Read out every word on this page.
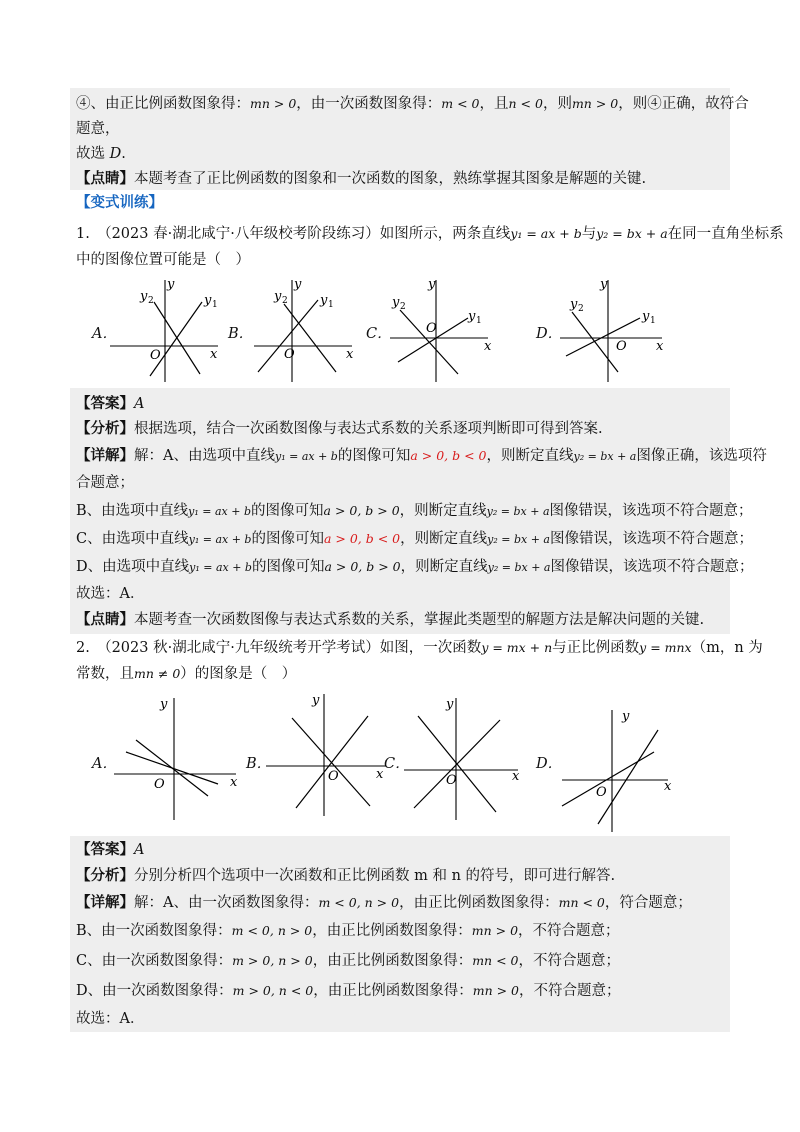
④、由正比例函数图象得：mn > 0，由一次函数图象得：m < 0，且n < 0，则mn > 0，则④正确，故符合
题意，
故选 D.
【点睛】本题考查了正比例函数的图象和一次函数的图象，熟练掌握其图象是解题的关键.
【变式训练】
1.　（2023 春·湖北咸宁·八年级校考阶段练习）如图所示，两条直线y₁ = ax + b与y₂ = bx + a在同一直角坐标系
中的图像位置可能是（　）
A．	B．	C．	D．
y
x
O
y 2	y 1
y
x
O
y 2 y 1
y
x
O
y 2
y 1
y
x
O
y 2	y 1
【答案】A
【分析】根据选项，结合一次函数图像与表达式系数的关系逐项判断即可得到答案.
【详解】解：A、由选项中直线y₁ = ax + b的图像可知a > 0, b < 0，则断定直线y₂ = bx + a图像正确，该选项符
合题意；
B、由选项中直线y₁ = ax + b的图像可知a > 0, b > 0，则断定直线y₂ = bx + a图像错误，该选项不符合题意；
C、由选项中直线y₁ = ax + b的图像可知a > 0, b < 0，则断定直线y₂ = bx + a图像错误，该选项不符合题意；
D、由选项中直线y₁ = ax + b的图像可知a > 0, b > 0，则断定直线y₂ = bx + a图像错误，该选项不符合题意；
故选：A．
【点睛】本题考查一次函数图像与表达式系数的关系，掌握此类题型的解题方法是解决问题的关键.
2.　（2023 秋·湖北咸宁·九年级统考开学考试）如图，一次函数y = mx + n与正比例函数y = mnx（m，n 为
常数，且mn ≠ 0）的图象是（　）
A．	B．	C．	D．
y
x
O
y
x
O
y
x
O
y
x
O
【答案】A
【分析】分别分析四个选项中一次函数和正比例函数 m 和 n 的符号，即可进行解答.
【详解】解：A、由一次函数图象得：m < 0, n > 0，由正比例函数图象得：mn < 0，符合题意；
B、由一次函数图象得：m < 0, n > 0，由正比例函数图象得：mn > 0，不符合题意；
C、由一次函数图象得：m > 0, n > 0，由正比例函数图象得：mn < 0，不符合题意；
D、由一次函数图象得：m > 0, n < 0，由正比例函数图象得：mn > 0，不符合题意；
故选：A．
